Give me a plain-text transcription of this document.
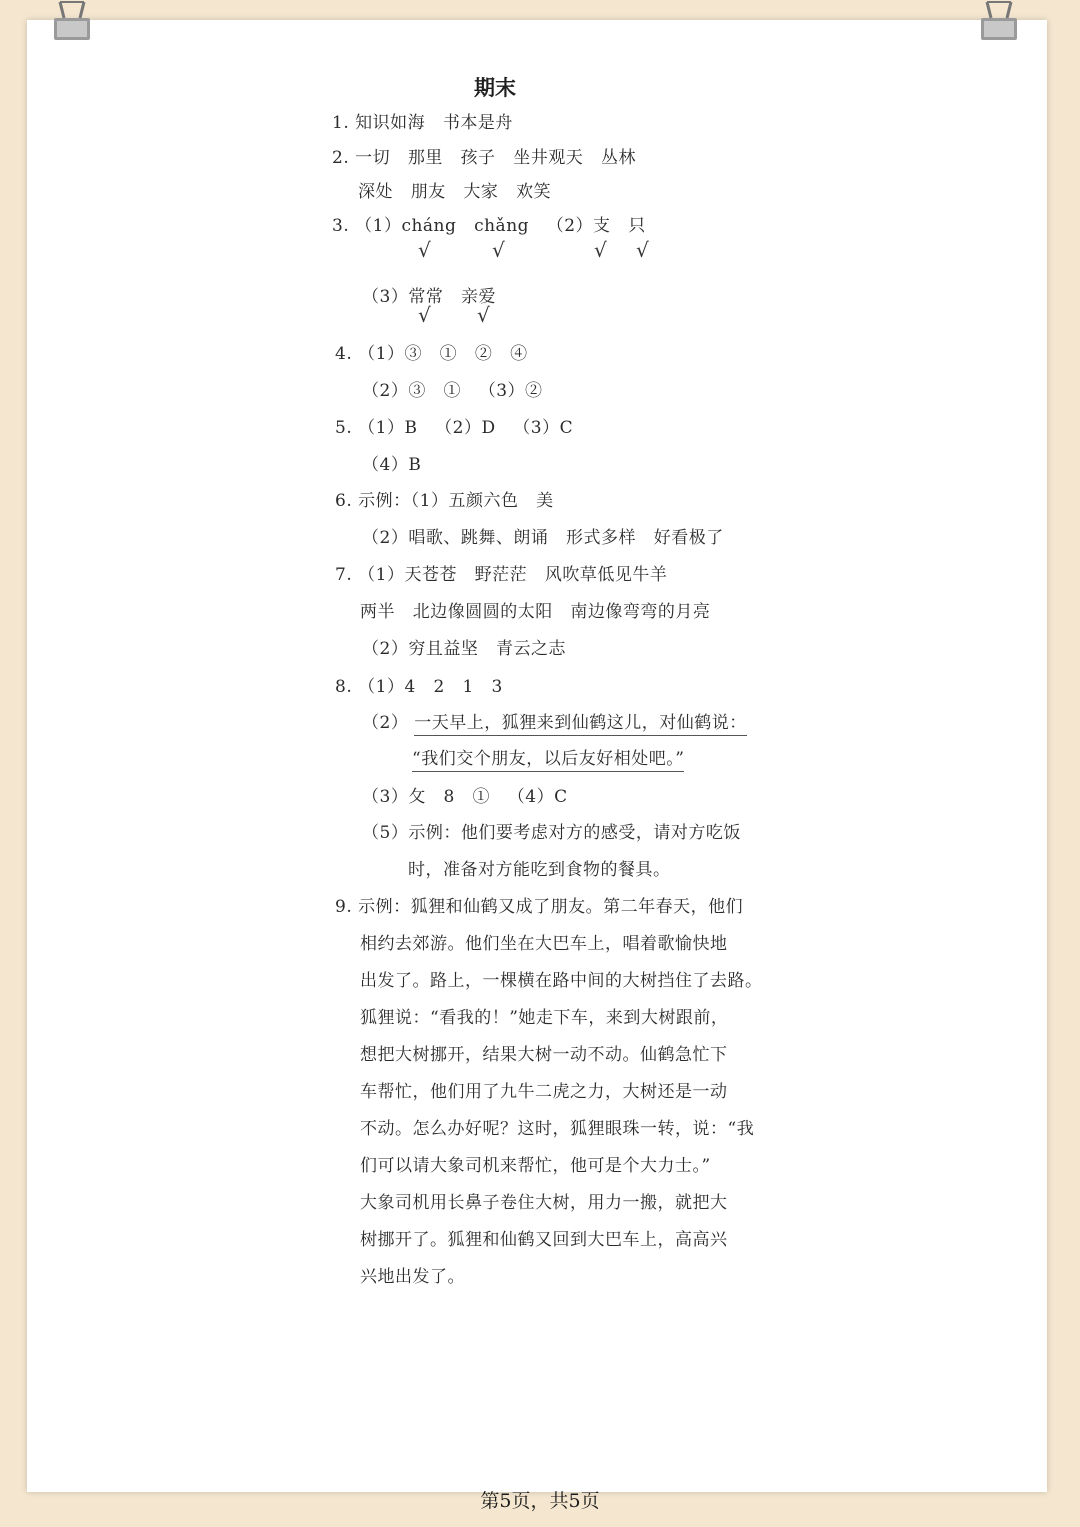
期末
1. 知识如海   书本是舟
2. 一切   那里   孩子   坐井观天   丛林
深处   朋友   大家   欢笑
3. （1）cháng   chǎng   （2）支   只
√	√	√ √
（3）常常   亲爱
√ √
4. （1）③   ①   ②   ④
（2）③   ①   （3）②
5. （1）B   （2）D   （3）C
（4）B
6. 示例：（1）五颜六色   美
（2）唱歌、跳舞、朗诵   形式多样   好看极了
7. （1）天苍苍   野茫茫   风吹草低见牛羊
两半   北边像圆圆的太阳   南边像弯弯的月亮
（2）穷且益坚   青云之志
8. （1）4   2   1   3
（2） 一天早上，狐狸来到仙鹤这儿，对仙鹤说：
“我们交个朋友，以后友好相处吧。”
（3）攵   8   ①   （4）C
（5）示例：他们要考虑对方的感受，请对方吃饭
时，准备对方能吃到食物的餐具。
9. 示例：狐狸和仙鹤又成了朋友。第二年春天，他们
相约去郊游。他们坐在大巴车上，唱着歌愉快地
出发了。路上，一棵横在路中间的大树挡住了去路。
狐狸说：“看我的！”她走下车，来到大树跟前，
想把大树挪开，结果大树一动不动。仙鹤急忙下
车帮忙，他们用了九牛二虎之力，大树还是一动
不动。怎么办好呢？这时，狐狸眼珠一转，说：“我
们可以请大象司机来帮忙，他可是个大力士。”
大象司机用长鼻子卷住大树，用力一搬，就把大
树挪开了。狐狸和仙鹤又回到大巴车上，高高兴
兴地出发了。
第5页，共5页
